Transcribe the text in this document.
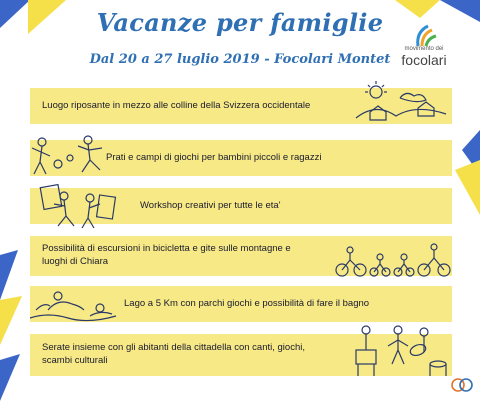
Vacanze per famiglie
Dal 20 a 27 luglio 2019 - Focolari Montet
movimento dei
focolari
Luogo riposante in mezzo alle colline della Svizzera occidentale
Prati e campi di giochi per bambini piccoli e ragazzi
Workshop creativi per tutte le eta'
Possibilità di escursioni in bicicletta e gite sulle montagne e luoghi di Chiara
Lago a 5 Km con parchi giochi e possibilità di fare il bagno
Serate insieme con gli abitanti della cittadella con canti, giochi, scambi culturali
